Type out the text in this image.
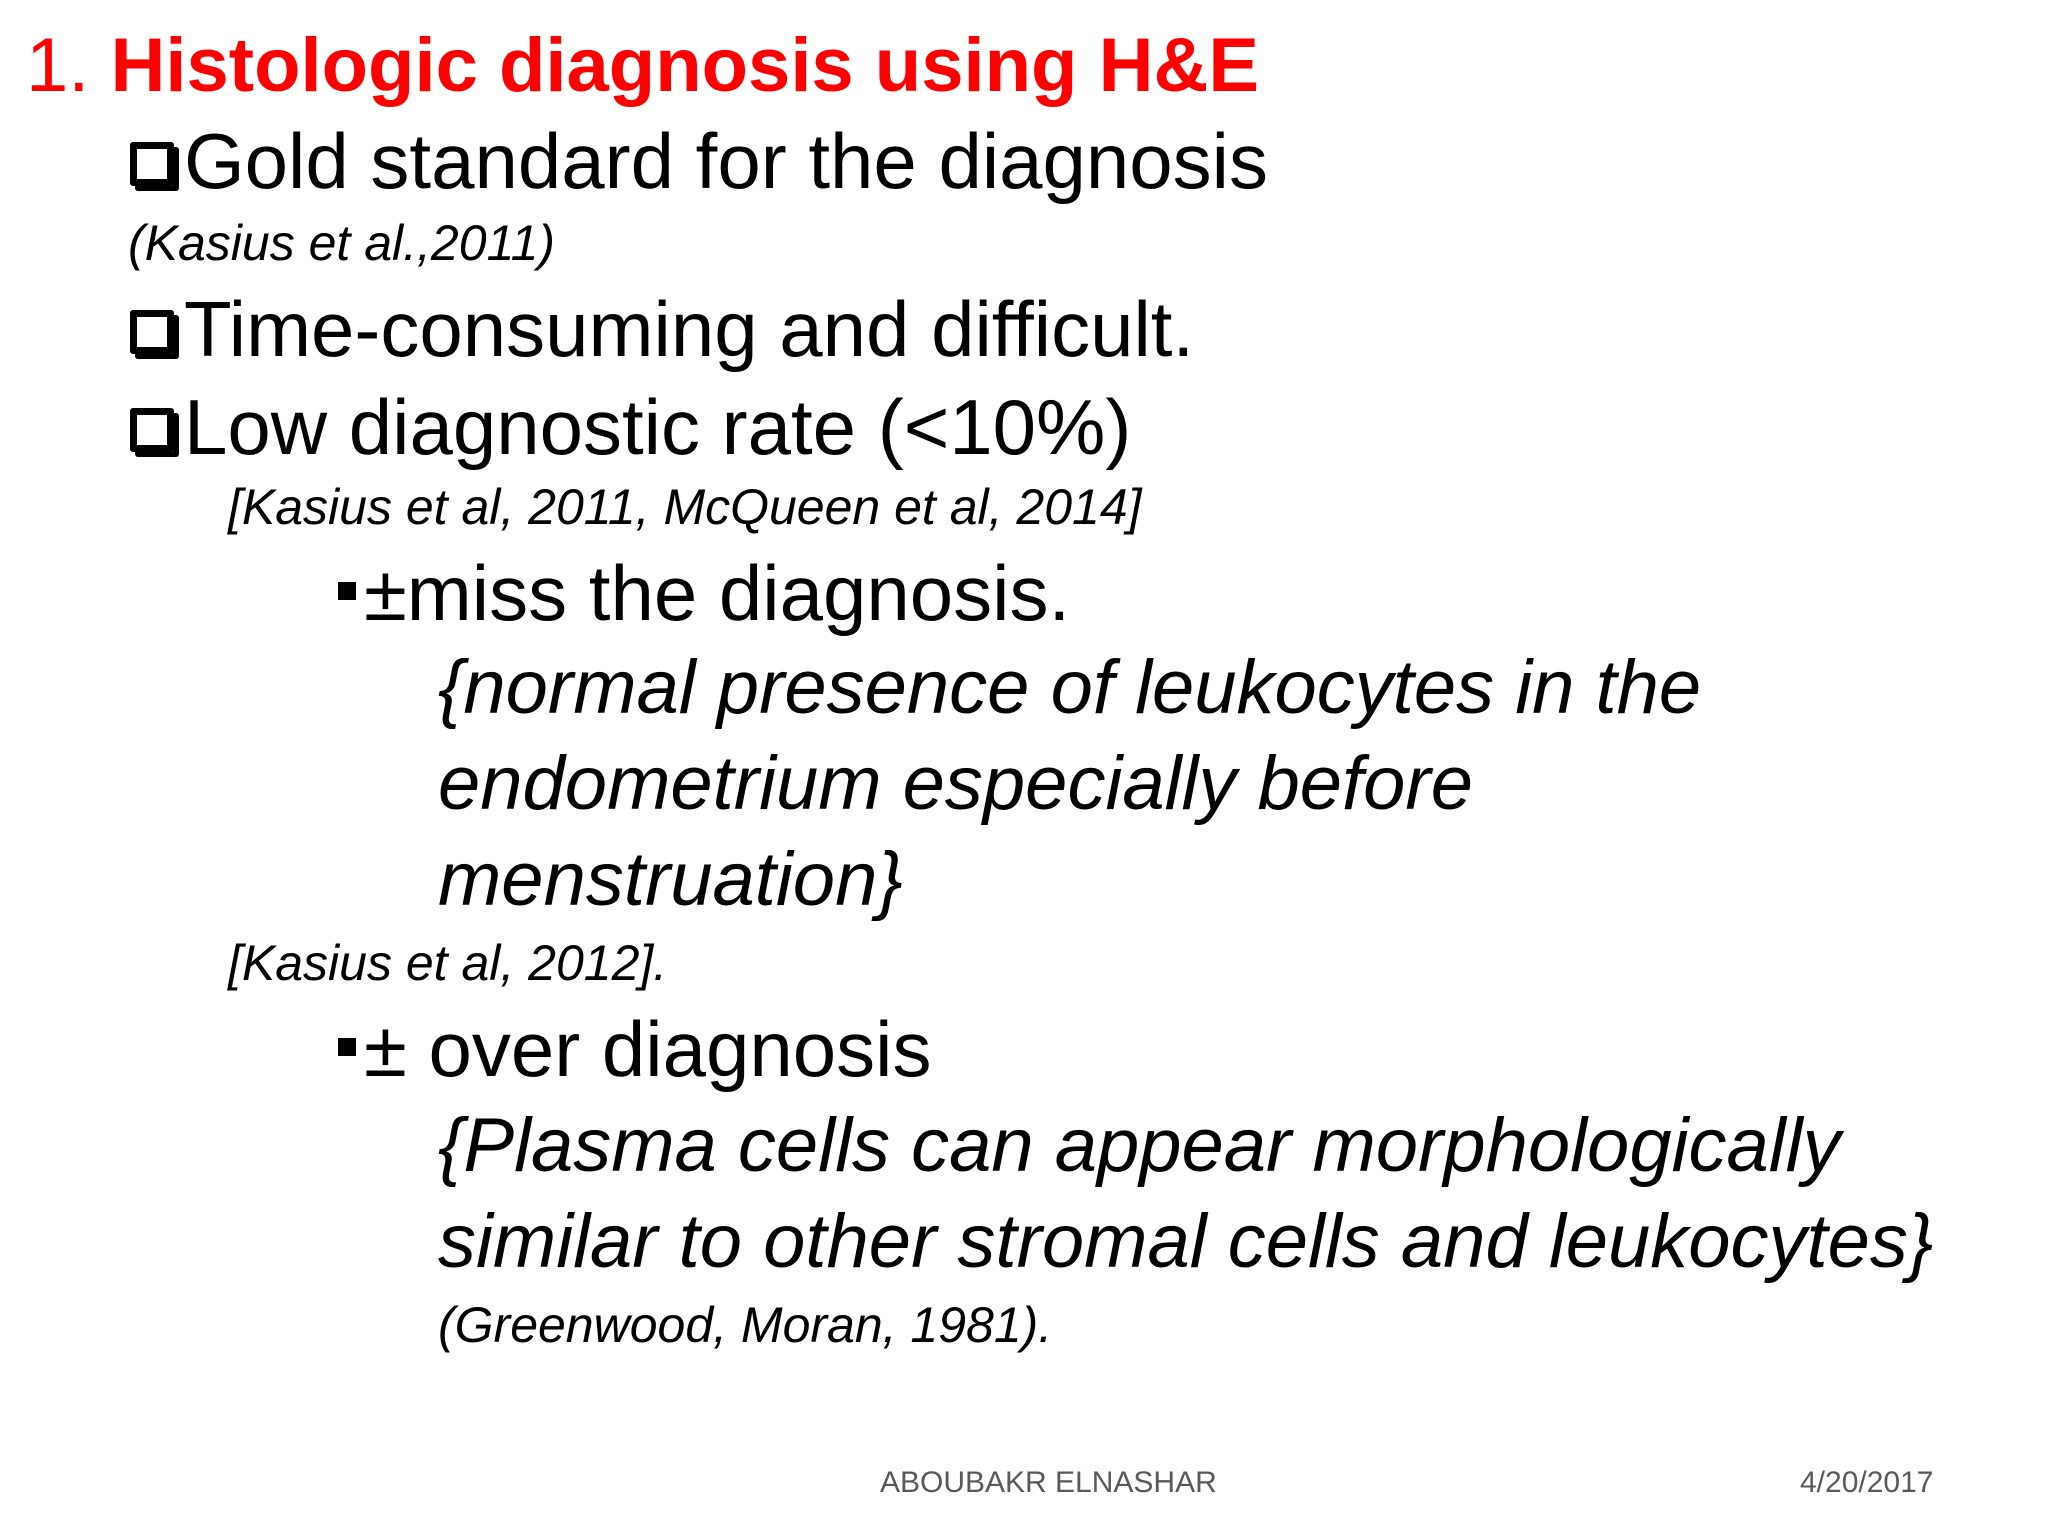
1. Histologic diagnosis using H&E
Gold standard for the diagnosis
(Kasius et al.,2011)
Time-consuming and difficult.
Low diagnostic rate (<10%)
[Kasius et al, 2011, McQueen et al, 2014]
±miss the diagnosis.
{normal presence of leukocytes in the
endometrium especially before
menstruation}
[Kasius et al, 2012].
± over diagnosis
{Plasma cells can appear morphologically
similar to other stromal cells and leukocytes}
(Greenwood, Moran, 1981).
ABOUBAKR ELNASHAR	4/20/2017
